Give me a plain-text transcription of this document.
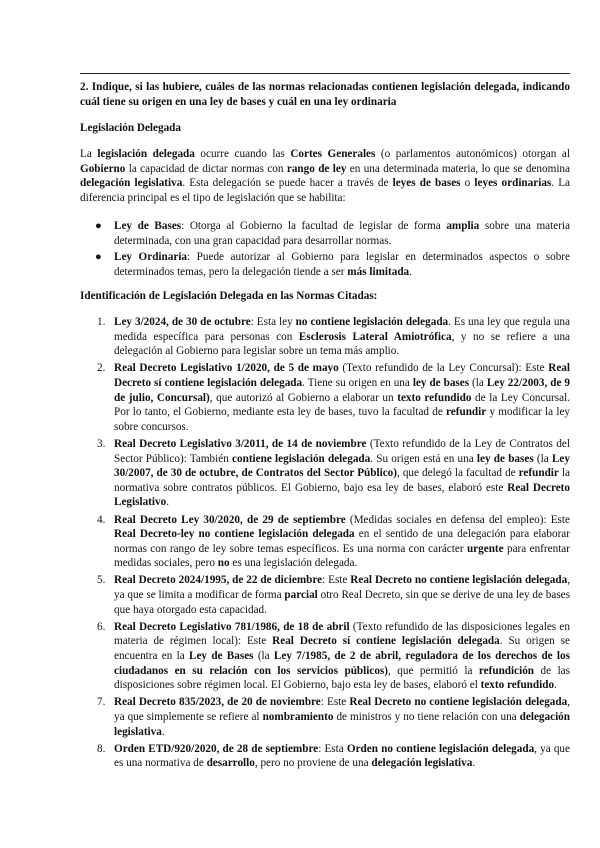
2. Indique, si las hubiere, cuáles de las normas relacionadas contienen legislación delegada, indicando cuál tiene su origen en una ley de bases y cuál en una ley ordinaria
Legislación Delegada
La legislación delegada ocurre cuando las Cortes Generales (o parlamentos autonómicos) otorgan al Gobierno la capacidad de dictar normas con rango de ley en una determinada materia, lo que se denomina delegación legislativa. Esta delegación se puede hacer a través de leyes de bases o leyes ordinarias. La diferencia principal es el tipo de legislación que se habilita:
● Ley de Bases: Otorga al Gobierno la facultad de legislar de forma amplia sobre una materia determinada, con una gran capacidad para desarrollar normas.
● Ley Ordinaria: Puede autorizar al Gobierno para legislar en determinados aspectos o sobre determinados temas, pero la delegación tiende a ser más limitada.
Identificación de Legislación Delegada en las Normas Citadas:
1. Ley 3/2024, de 30 de octubre: Esta ley no contiene legislación delegada. Es una ley que regula una medida específica para personas con Esclerosis Lateral Amiotrófica, y no se refiere a una delegación al Gobierno para legislar sobre un tema más amplio.
2. Real Decreto Legislativo 1/2020, de 5 de mayo (Texto refundido de la Ley Concursal): Este Real Decreto sí contiene legislación delegada. Tiene su origen en una ley de bases (la Ley 22/2003, de 9 de julio, Concursal), que autorizó al Gobierno a elaborar un texto refundido de la Ley Concursal. Por lo tanto, el Gobierno, mediante esta ley de bases, tuvo la facultad de refundir y modificar la ley sobre concursos.
3. Real Decreto Legislativo 3/2011, de 14 de noviembre (Texto refundido de la Ley de Contratos del Sector Público): También contiene legislación delegada. Su origen está en una ley de bases (la Ley 30/2007, de 30 de octubre, de Contratos del Sector Público), que delegó la facultad de refundir la normativa sobre contratos públicos. El Gobierno, bajo esa ley de bases, elaboró este Real Decreto Legislativo.
4. Real Decreto Ley 30/2020, de 29 de septiembre (Medidas sociales en defensa del empleo): Este Real Decreto-ley no contiene legislación delegada en el sentido de una delegación para elaborar normas con rango de ley sobre temas específicos. Es una norma con carácter urgente para enfrentar medidas sociales, pero no es una legislación delegada.
5. Real Decreto 2024/1995, de 22 de diciembre: Este Real Decreto no contiene legislación delegada, ya que se limita a modificar de forma parcial otro Real Decreto, sin que se derive de una ley de bases que haya otorgado esta capacidad.
6. Real Decreto Legislativo 781/1986, de 18 de abril (Texto refundido de las disposiciones legales en materia de régimen local): Este Real Decreto sí contiene legislación delegada. Su origen se encuentra en la Ley de Bases (la Ley 7/1985, de 2 de abril, reguladora de los derechos de los ciudadanos en su relación con los servicios públicos), que permitió la refundición de las disposiciones sobre régimen local. El Gobierno, bajo esta ley de bases, elaboró el texto refundido.
7. Real Decreto 835/2023, de 20 de noviembre: Este Real Decreto no contiene legislación delegada, ya que simplemente se refiere al nombramiento de ministros y no tiene relación con una delegación legislativa.
8. Orden ETD/920/2020, de 28 de septiembre: Esta Orden no contiene legislación delegada, ya que es una normativa de desarrollo, pero no proviene de una delegación legislativa.
